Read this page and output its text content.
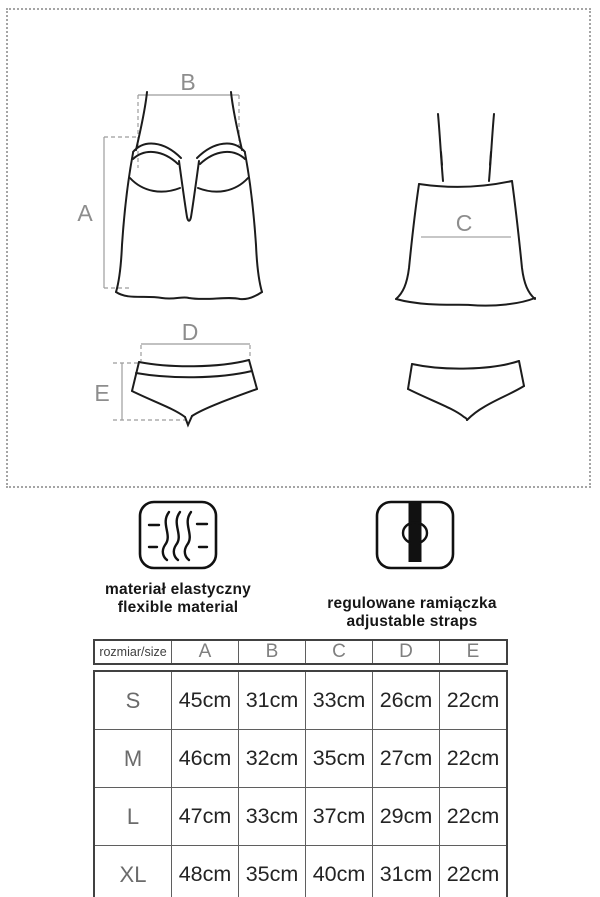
B
A	C
D
E
materiał elastyczny
flexible material	regulowane ramiączka
adjustable straps
rozmiar/size	A	B	C	D	E
S	45cm 31cm 33cm 26cm 22cm
M	46cm 32cm 35cm 27cm 22cm
L	47cm 33cm 37cm 29cm 22cm
XL	48cm 35cm 40cm 31cm 22cm
